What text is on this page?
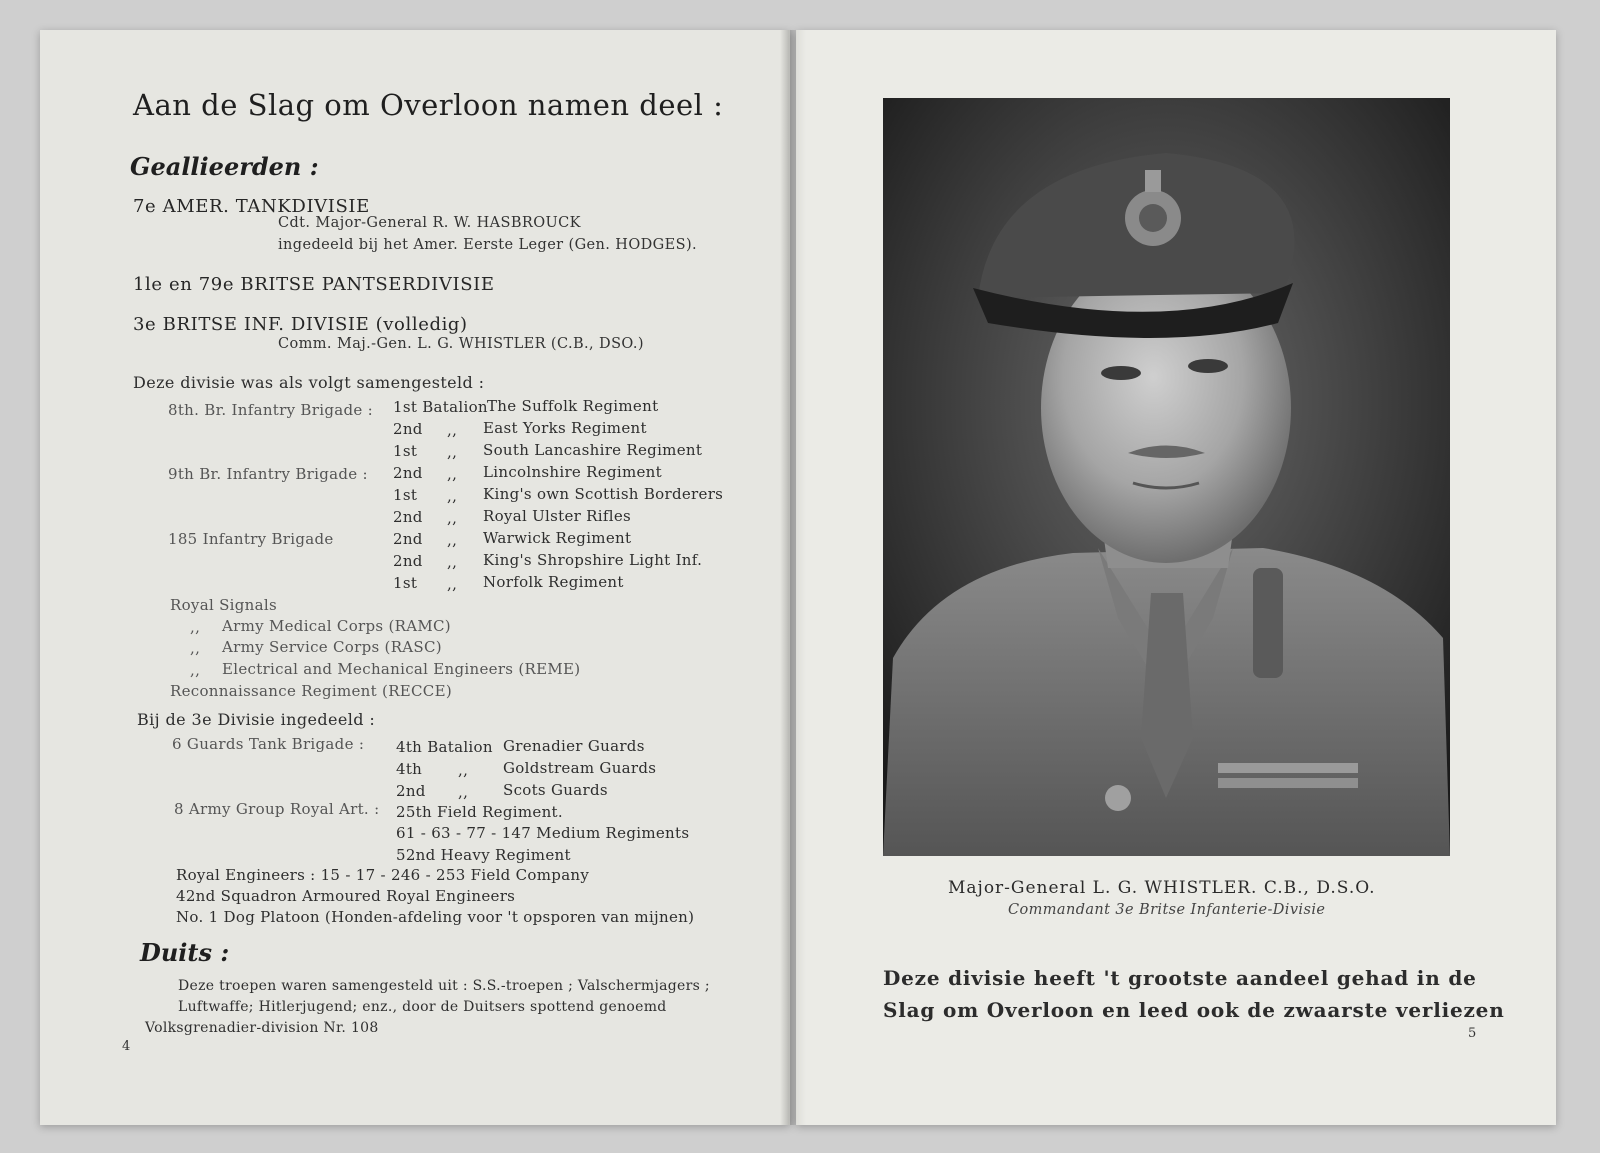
Aan de Slag om Overloon namen deel :
Geallieerden :
7e AMER. TANKDIVISIE
Cdt. Major-General R. W. HASBROUCK
ingedeeld bij het Amer. Eerste Leger (Gen. HODGES).
1le en 79e BRITSE PANTSERDIVISIE
3e BRITSE INF. DIVISIE (volledig)
Comm. Maj.-Gen. L. G. WHISTLER (C.B., DSO.)
Deze divisie was als volgt samengesteld :
8th. Br. Infantry Brigade : 1st Batalion The Suffolk Regiment
2nd ,, East Yorks Regiment
1st ,, South Lancashire Regiment
9th Br. Infantry Brigade : 2nd ,, Lincolnshire Regiment
1st ,, King's own Scottish Borderers
2nd ,, Royal Ulster Rifles
185 Infantry Brigade	2nd ,, Warwick Regiment
2nd ,, King's Shropshire Light Inf.
1st ,, Norfolk Regiment
Royal Signals
,, Army Medical Corps (RAMC)
,, Army Service Corps (RASC)
,, Electrical and Mechanical Engineers (REME)
Reconnaissance Regiment (RECCE)
Bij de 3e Divisie ingedeeld :
6 Guards Tank Brigade : 4th Batalion Grenadier Guards
4th ,, Goldstream Guards
2nd ,, Scots Guards
8 Army Group Royal Art. : 25th Field Regiment.
61 - 63 - 77 - 147 Medium Regiments
52nd Heavy Regiment
Royal Engineers : 15 - 17 - 246 - 253 Field Company
42nd Squadron Armoured Royal Engineers
No. 1 Dog Platoon (Honden-afdeling voor 't opsporen van mijnen)
Duits :
Deze troepen waren samengesteld uit : S.S.-troepen ; Valschermjagers ;
Luftwaffe; Hitlerjugend; enz., door de Duitsers spottend genoemd
Volksgrenadier-division Nr. 108
4
Major-General L. G. WHISTLER. C.B., D.S.O.
Commandant 3e Britse Infanterie-Divisie
Deze divisie heeft 't grootste aandeel gehad in de
Slag om Overloon en leed ook de zwaarste verliezen
5
